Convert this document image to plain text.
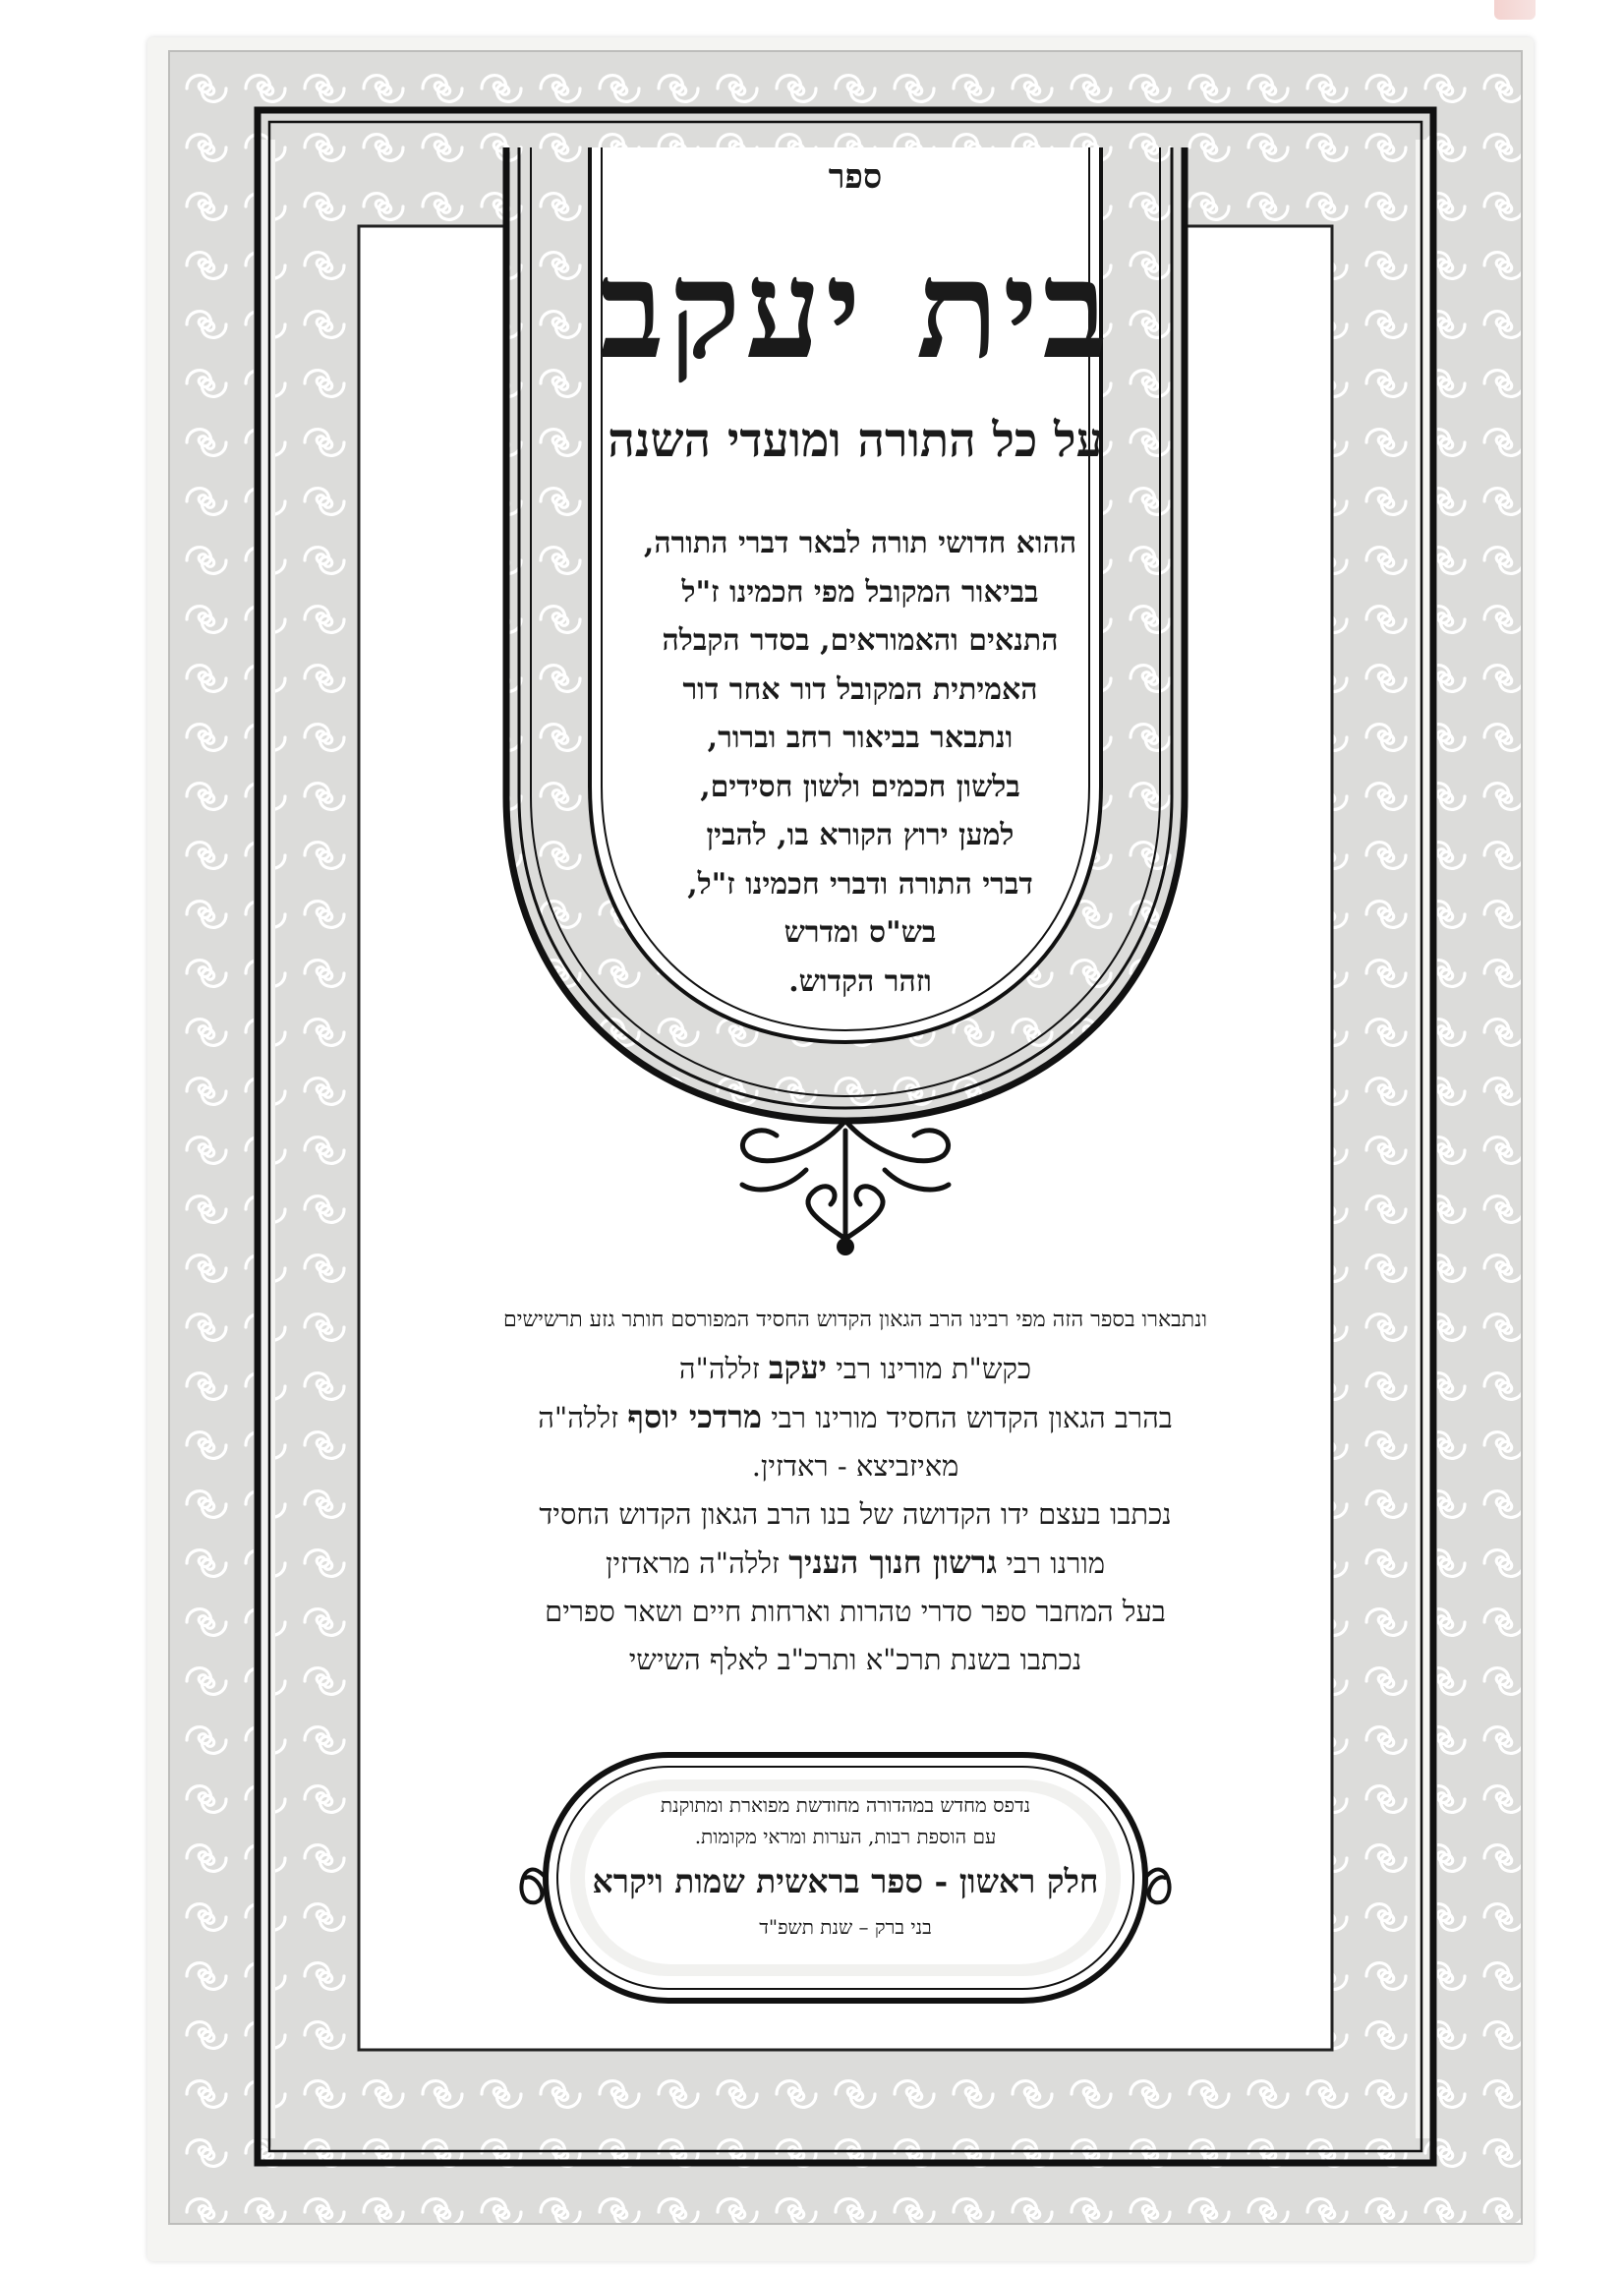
ספר
בית יעקב
על כל התורה ומועדי השנה
ההוא חדושי תורה לבאר דברי התורה,
בביאור המקובל מפי חכמינו ז"ל
התנאים והאמוראים, בסדר הקבלה
האמיתית המקובל דור אחר דור
ונתבאר בביאור רחב וברור,
בלשון חכמים ולשון חסידים,
למען ירוץ הקורא בו, להבין
דברי התורה ודברי חכמינו ז"ל,
בש"ס ומדרש
וזהר הקדוש.
ונתבארו בספר הזה מפי רבינו הרב הגאון הקדוש החסיד המפורסם חותר גזע תרשישים
כקש"ת מורינו רבי יעקב זללה"ה
בהרב הגאון הקדוש החסיד מורינו רבי מרדכי יוסף זללה"ה
מאיזביצא - ראדזין.
נכתבו בעצם ידו הקדושה של בנו הרב הגאון הקדוש החסיד
מורנו רבי גרשון חנוך העניך זללה"ה מראדזין
בעל המחבר ספר סדרי טהרות וארחות חיים ושאר ספרים
נכתבו בשנת תרכ"א ותרכ"ב לאלף השישי
נדפס מחדש במהדורה מחודשת מפוארת ומתוקנת
עם הוספת רבות, הערות ומראי מקומות.
חלק ראשון - ספר בראשית שמות ויקרא
בני ברק – שנת תשפ"ד
